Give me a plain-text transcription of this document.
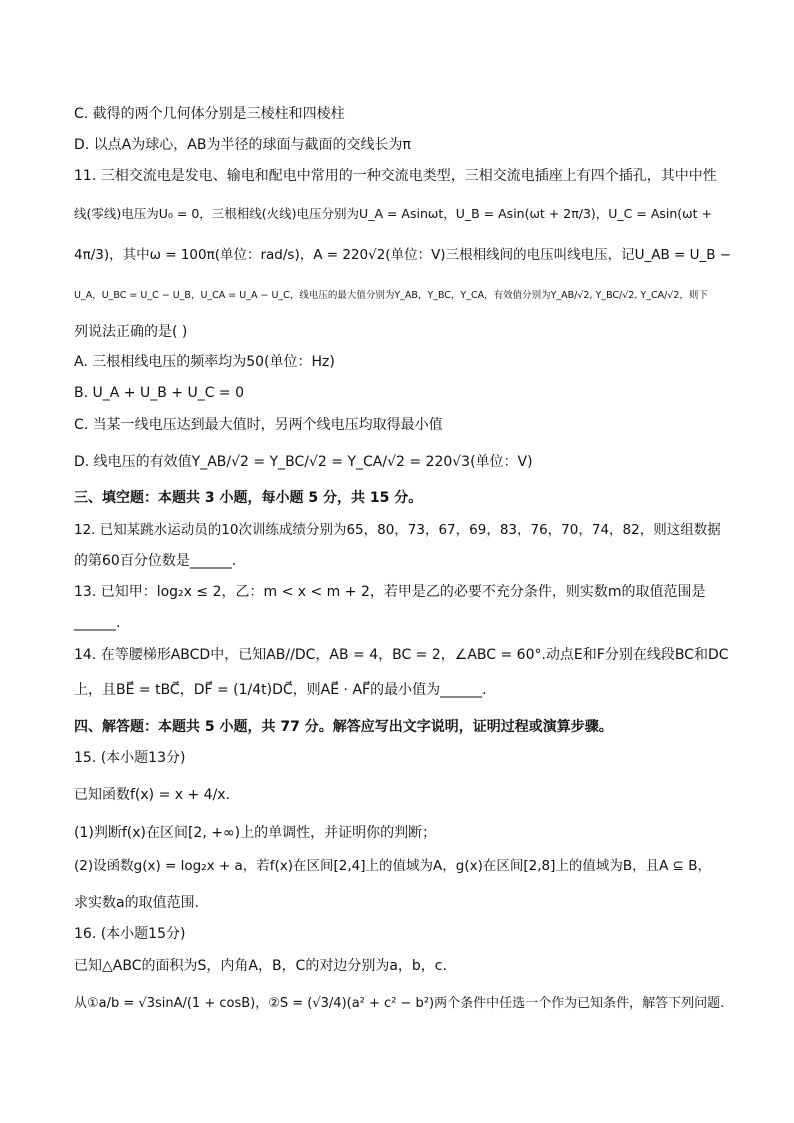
C. 截得的两个几何体分别是三棱柱和四棱柱
D. 以点A为球心，AB为半径的球面与截面的交线长为π
11. 三相交流电是发电、输电和配电中常用的一种交流电类型，三相交流电插座上有四个插孔，其中中性
线(零线)电压为U₀ = 0，三根相线(火线)电压分别为U_A = Asinωt，U_B = Asin(ωt + 2π/3)，U_C = Asin(ωt +
4π/3)，其中ω = 100π(单位：rad/s)，A = 220√2(单位：V)三根相线间的电压叫线电压，记U_AB = U_B −
U_A，U_BC = U_C − U_B，U_CA = U_A − U_C，线电压的最大值分别为Y_AB，Y_BC，Y_CA，有效值分别为Y_AB/√2, Y_BC/√2, Y_CA/√2，则下
列说法正确的是( )
A. 三根相线电压的频率均为50(单位：Hz)
B. U_A + U_B + U_C = 0
C. 当某一线电压达到最大值时，另两个线电压均取得最小值
D. 线电压的有效值Y_AB/√2 = Y_BC/√2 = Y_CA/√2 = 220√3(单位：V)
三、填空题：本题共 3 小题，每小题 5 分，共 15 分。
12. 已知某跳水运动员的10次训练成绩分别为65，80，73，67，69，83，76，70，74，82，则这组数据
的第60百分位数是______.
13. 已知甲：log₂x ≤ 2，乙：m < x < m + 2，若甲是乙的必要不充分条件，则实数m的取值范围是
______.
14. 在等腰梯形ABCD中，已知AB//DC，AB = 4，BC = 2，∠ABC = 60°.动点E和F分别在线段BC和DC
上，且BE⃗ = tBC⃗，DF⃗ = (1/4t)DC⃗，则AE⃗ · AF⃗的最小值为______.
四、解答题：本题共 5 小题，共 77 分。解答应写出文字说明，证明过程或演算步骤。
15. (本小题13分)
已知函数f(x) = x + 4/x.
(1)判断f(x)在区间[2, +∞)上的单调性，并证明你的判断；
(2)设函数g(x) = log₂x + a，若f(x)在区间[2,4]上的值域为A，g(x)在区间[2,8]上的值域为B，且A ⊆ B，
求实数a的取值范围.
16. (本小题15分)
已知△ABC的面积为S，内角A，B，C的对边分别为a，b，c.
从①a/b = √3sinA/(1 + cosB)，②S = (√3/4)(a² + c² − b²)两个条件中任选一个作为已知条件，解答下列问题.
